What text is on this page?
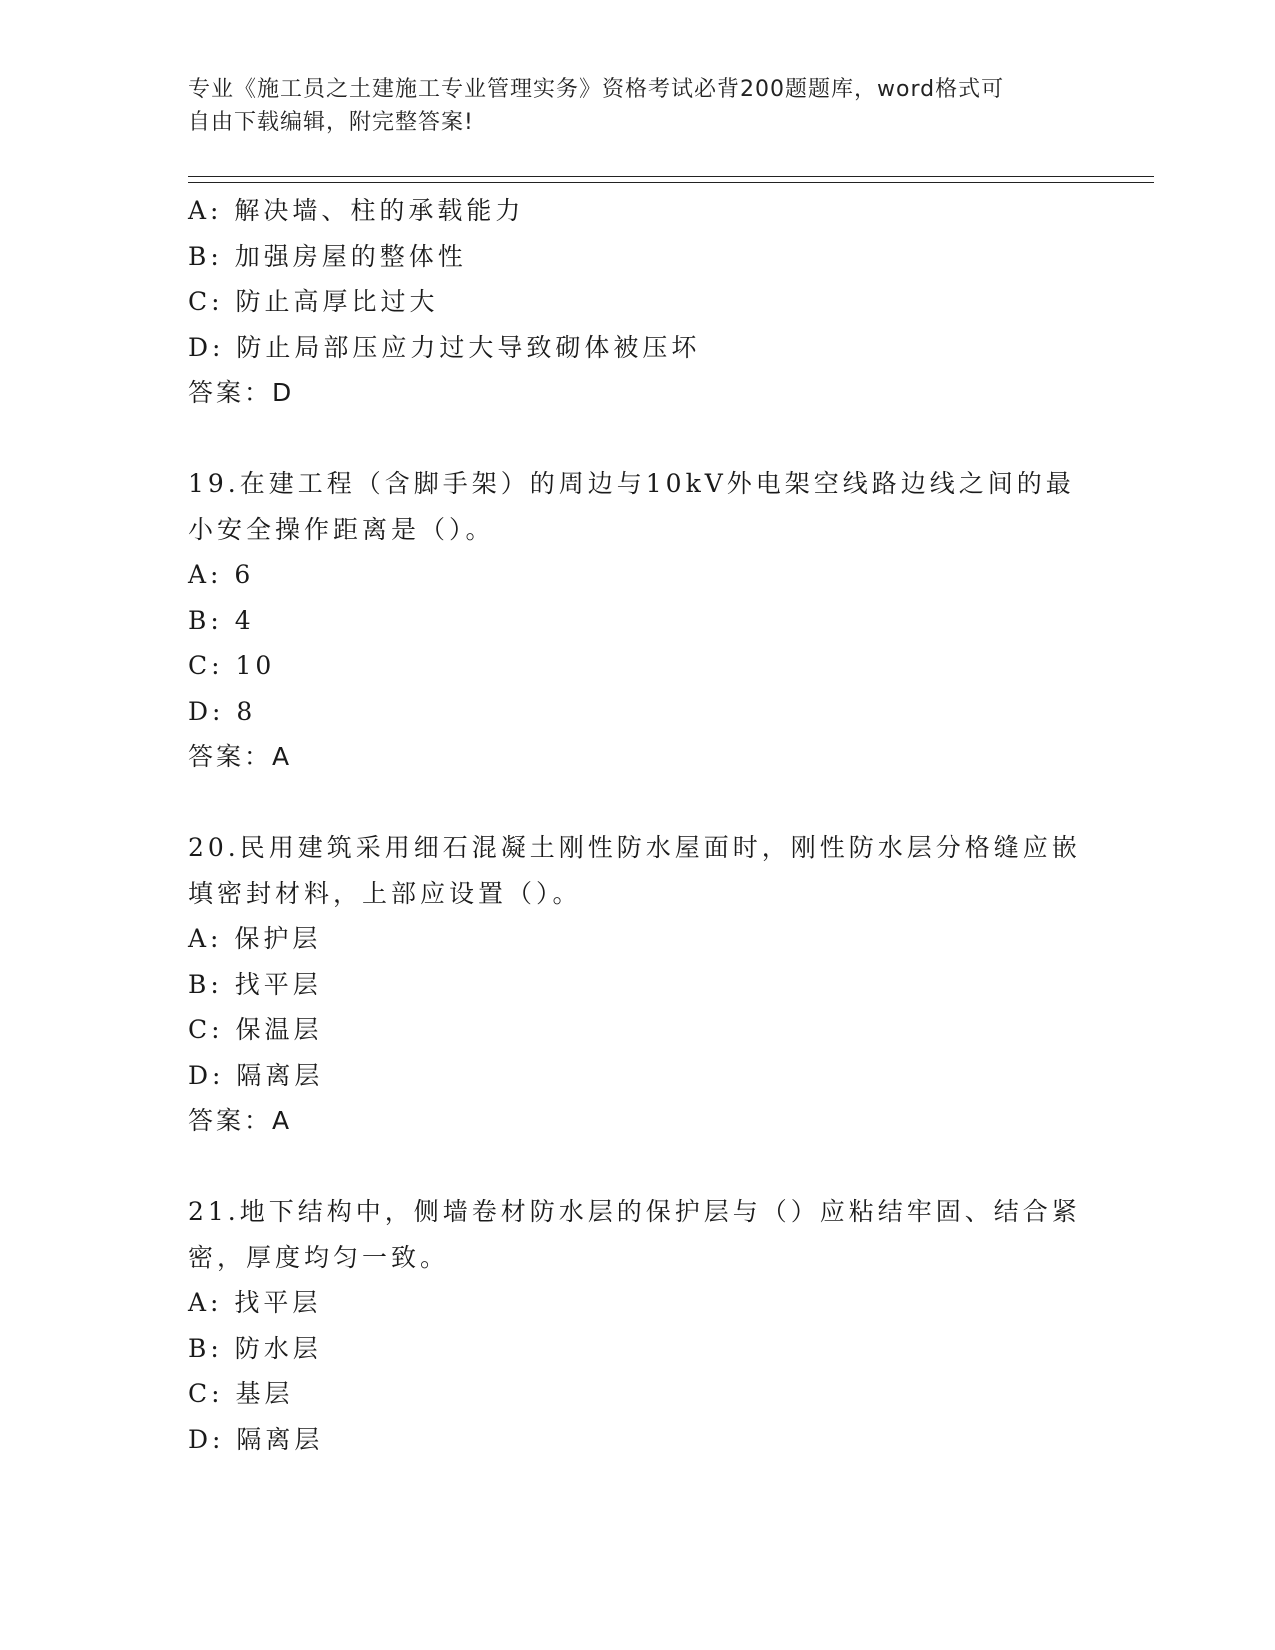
专业《施工员之土建施工专业管理实务》资格考试必背200题题库，word格式可
自由下载编辑，附完整答案!
A: 解决墙、柱的承载能力
B: 加强房屋的整体性
C: 防止高厚比过大
D: 防止局部压应力过大导致砌体被压坏
答案：D
19.在建工程（含脚手架）的周边与10kV外电架空线路边线之间的最
小安全操作距离是（）。
A: 6
B: 4
C: 10
D: 8
答案：A
20.民用建筑采用细石混凝土刚性防水屋面时，刚性防水层分格缝应嵌
填密封材料，上部应设置（）。
A: 保护层
B: 找平层
C: 保温层
D: 隔离层
答案：A
21.地下结构中，侧墙卷材防水层的保护层与（）应粘结牢固、结合紧
密，厚度均匀一致。
A: 找平层
B: 防水层
C: 基层
D: 隔离层
